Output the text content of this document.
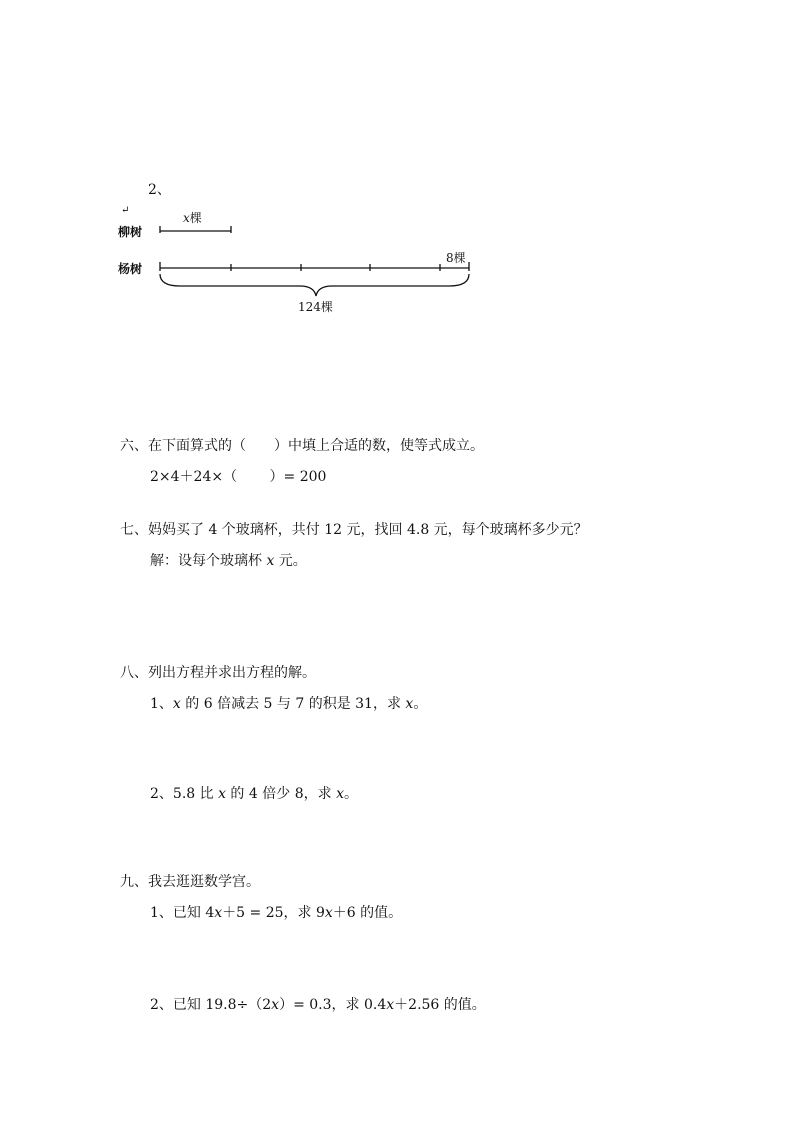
2、
↵
柳树
杨树
x棵
8棵
124棵
六、在下面算式的（　　）中填上合适的数，使等式成立。
2×4＋24×（　　 ）= 200
七、妈妈买了 4 个玻璃杯，共付 12 元，找回 4.8 元，每个玻璃杯多少元？
解：设每个玻璃杯 x 元。
八、列出方程并求出方程的解。
1、x 的 6 倍减去 5 与 7 的积是 31，求 x。
2、5.8 比 x 的 4 倍少 8，求 x。
九、我去逛逛数学宫。
1、已知 4x＋5 = 25，求 9x＋6 的值。
2、已知 19.8÷（2x）= 0.3，求 0.4x＋2.56 的值。
